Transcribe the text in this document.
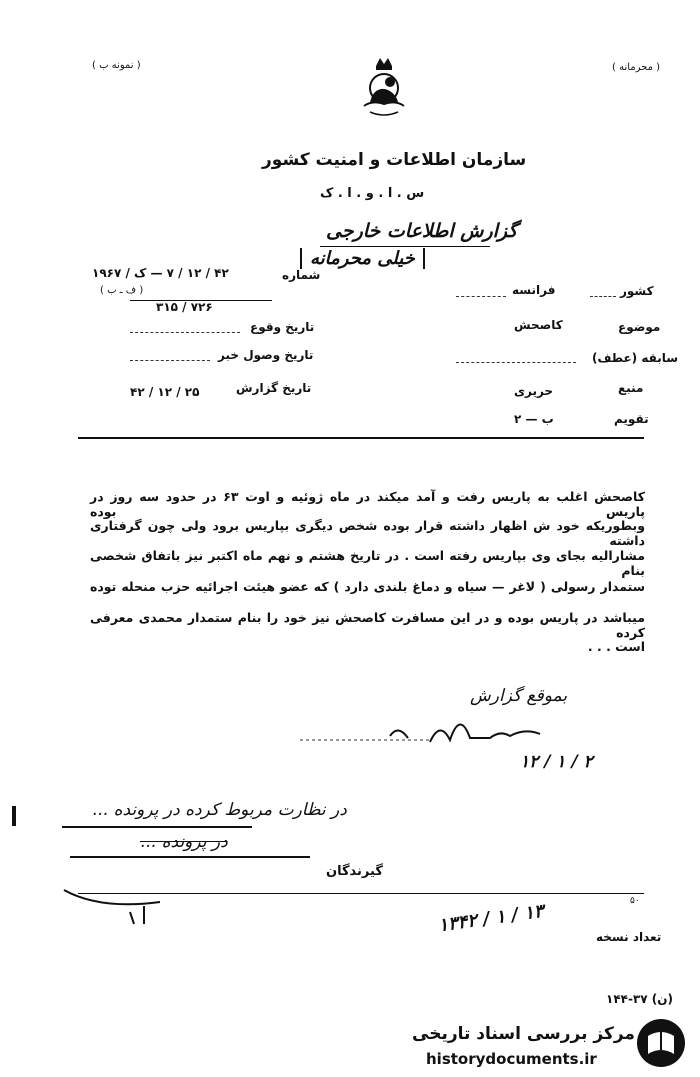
( نمونه ب )	( محرمانه )
سازمان اطلاعات و امنیت کشور
س . ا . و . ا . ک
گزارش اطلاعات خارجی
خیلی محرمانه
کشور
فرانسه
موضوع
کاصحش
سابقه (عطف)
منبع
حریری
تقویم
ب — ۲
شماره
۱۹۶۷ / ک — ۷ / ۱۲ / ۴۲
( ف ـ ب )
۳۱۵ / ۷۲۶
تاریخ وقوع
تاریخ وصول خبر
تاریخ گزارش
۴۲ / ۱۲ / ۲۵
کاصحش اغلب به پاریس رفت و آمد میکند در ماه ژوئیه و اوت ۶۳ در حدود سه روز در پاریس بوده
وبطوریکه خود ش اظهار داشته قرار بوده شخص دیگری بپاریس برود ولی چون گرفتاری داشته
مشارالیه بجای وی بپاریس رفته است . در تاریخ هشتم و نهم ماه اکتبر نیز باتفاق شخصی بنام
ستمدار رسولی ( لاغر — سیاه و دماغ بلندی دارد ) که عضو هیئت اجرائیه حزب منحله توده
میباشد در پاریس بوده و در این مسافرت کاصحش نیز خود را بنام ستمدار محمدی معرفی کرده
است . . .
بموقع گزارش
۱۲ / ۱ / ۲
در نظارت مربوط کرده در پرونده ...
در پرونده ...
گیرندگان
۱۳۴۲ / ۱ / ۱۳	۵۰
تعداد نسخه
۱۴۴-۳۷ (ن)
مرکز بررسی اسناد تاریخی
historydocuments.ir
